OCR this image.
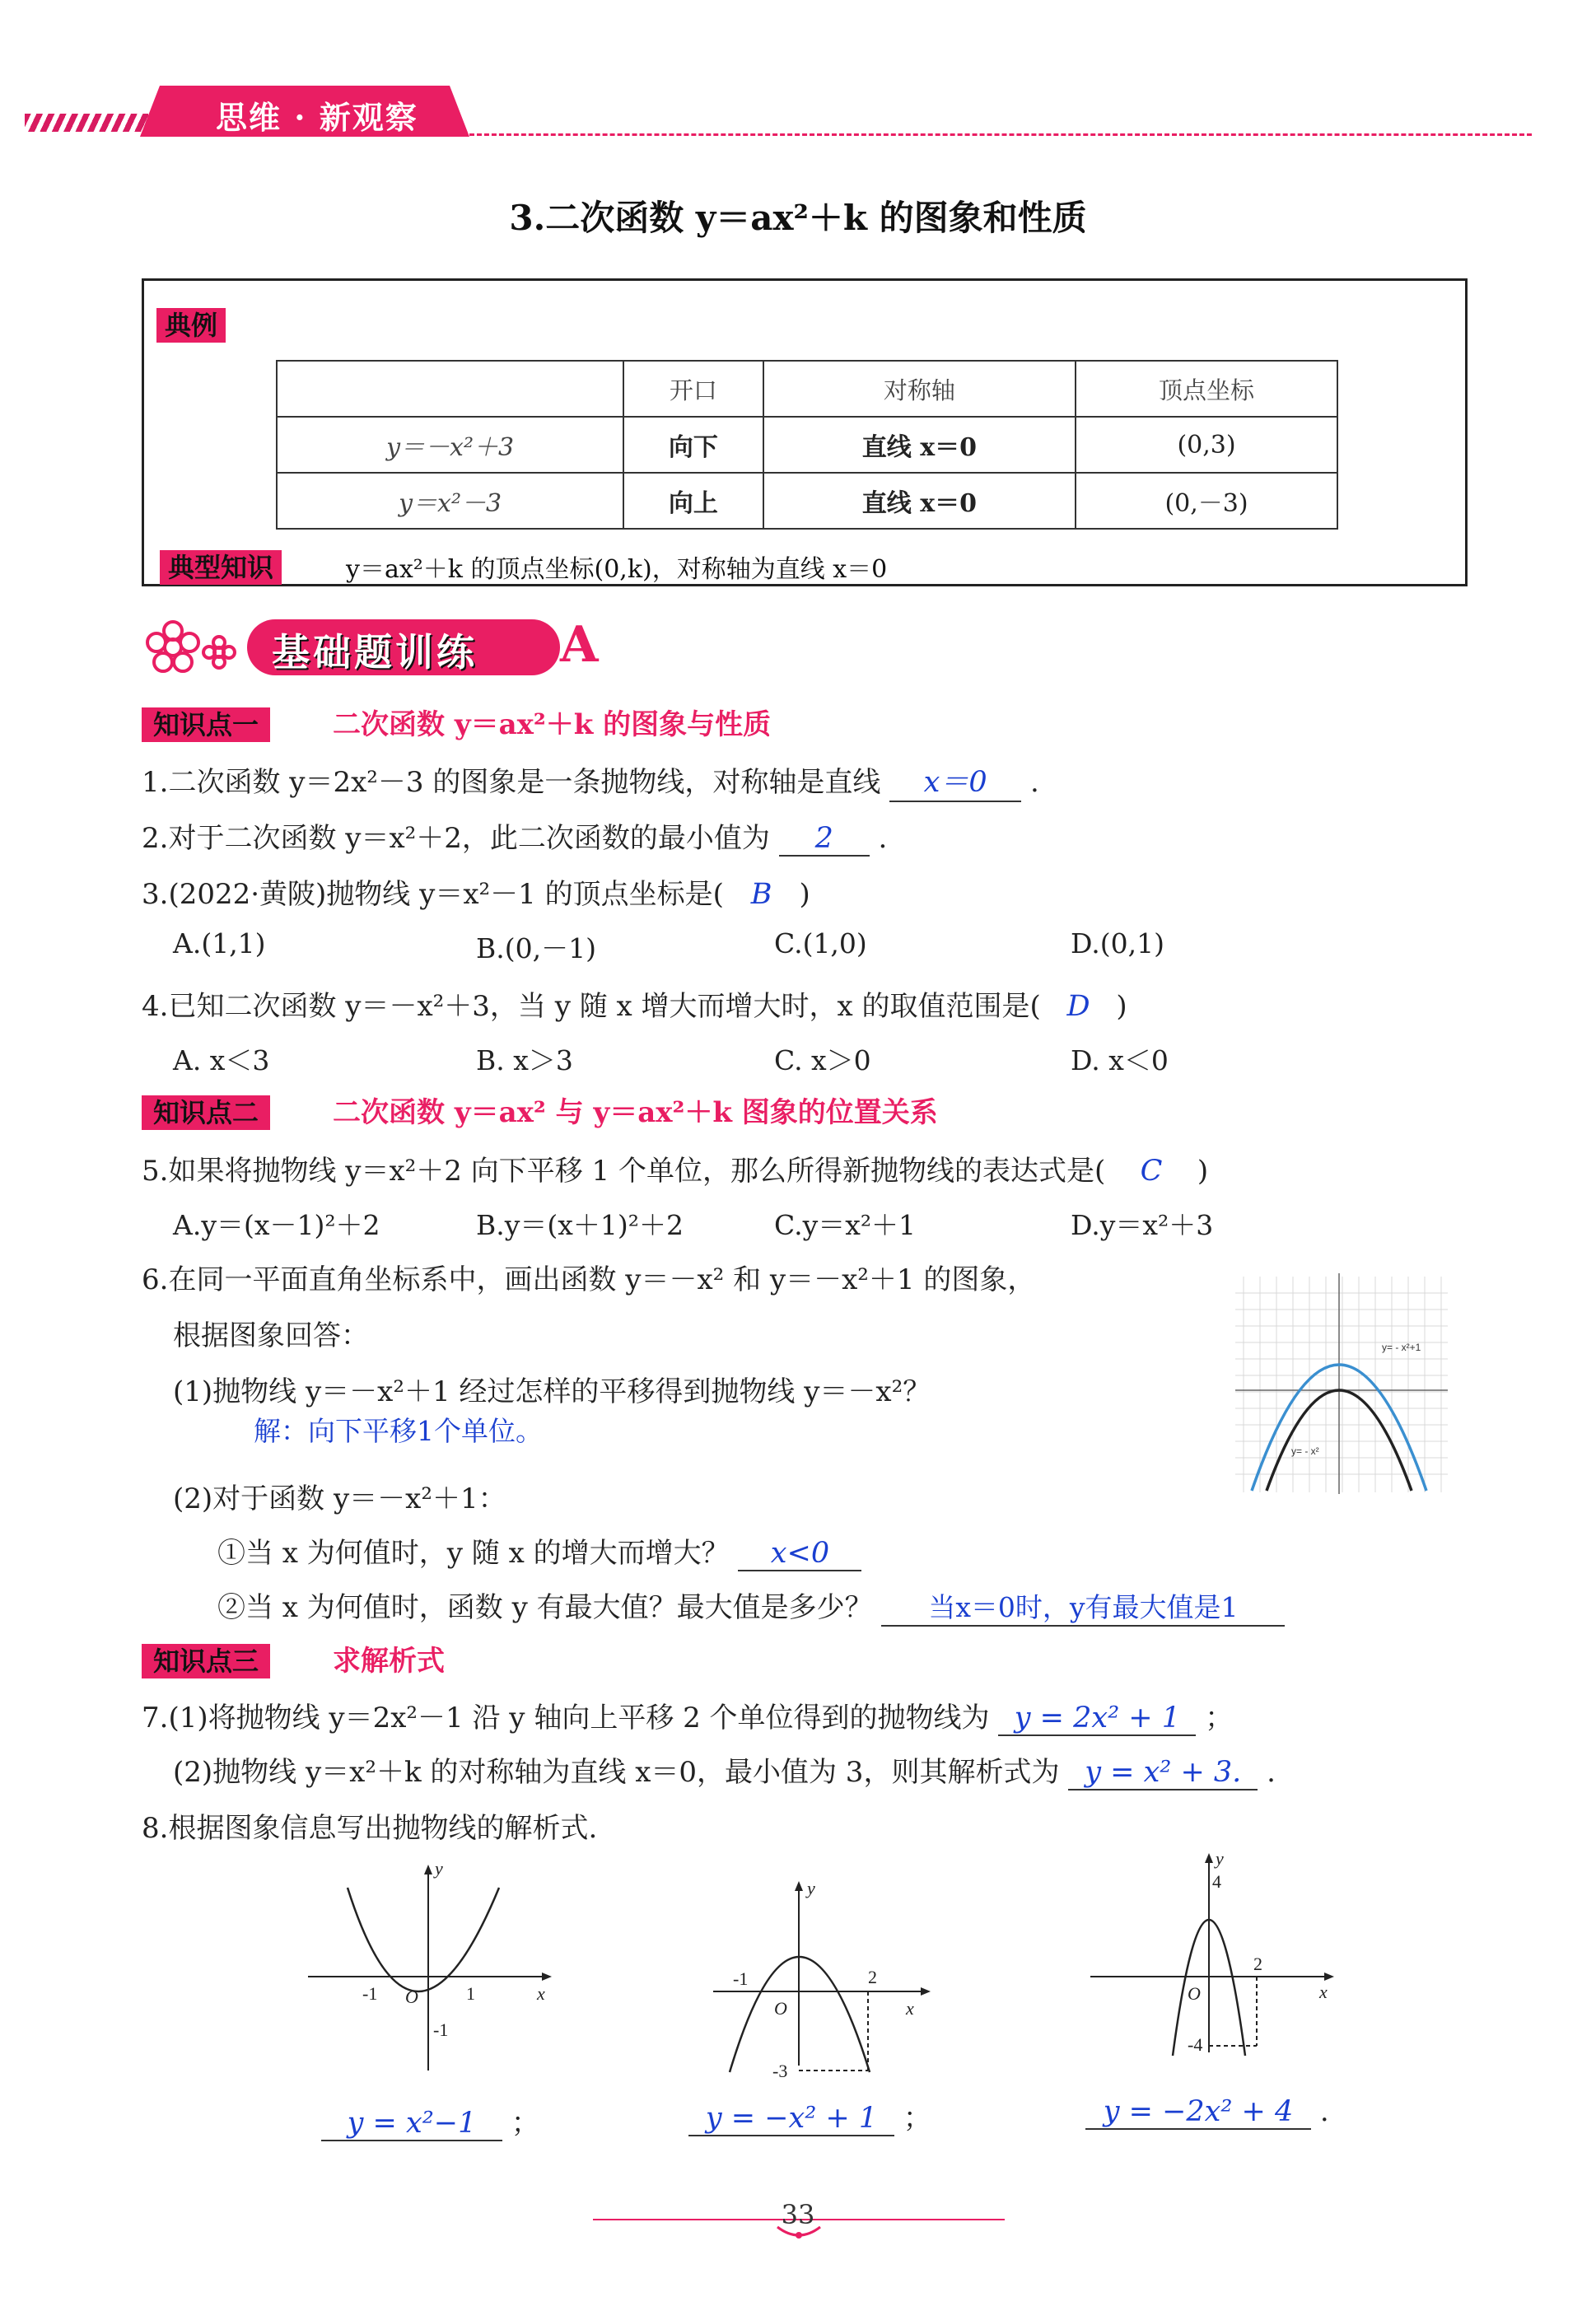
思维 · 新观察
3.二次函数 y＝ax²＋k 的图象和性质
典例
	开口	对称轴	顶点坐标
y＝－x²＋3	向下	直线 x＝0	(0,3)
y＝x²－3	向上	直线 x＝0	(0,－3)
典型知识	y＝ax²＋k 的顶点坐标(0,k)，对称轴为直线 x＝0
基础题训练 A
知识点一	二次函数 y＝ax²＋k 的图象与性质
1.二次函数 y＝2x²－3 的图象是一条抛物线，对称轴是直线 x＝0 .
2.对于二次函数 y＝x²＋2，此二次函数的最小值为 2 .
3.(2022·黄陂)抛物线 y＝x²－1 的顶点坐标是( B )
A.(1,1)	B.(0,－1)	C.(1,0)	D.(0,1)
4.已知二次函数 y＝－x²＋3，当 y 随 x 增大而增大时，x 的取值范围是( D )
A. x＜3	B. x＞3	C. x＞0	D. x＜0
知识点二	二次函数 y＝ax² 与 y＝ax²＋k 图象的位置关系
5.如果将抛物线 y＝x²＋2 向下平移 1 个单位，那么所得新抛物线的表达式是( C )
A.y＝(x－1)²＋2	B.y＝(x＋1)²＋2	C.y＝x²＋1	D.y＝x²＋3
6.在同一平面直角坐标系中，画出函数 y＝－x² 和 y＝－x²＋1 的图象，
根据图象回答：
(1)抛物线 y＝－x²＋1 经过怎样的平移得到抛物线 y＝－x²？
解：向下平移1个单位。
(2)对于函数 y＝－x²＋1：
①当 x 为何值时，y 随 x 的增大而增大？ x<0
②当 x 为何值时，函数 y 有最大值？最大值是多少？ 当x＝0时，y有最大值是1
y= - x²+1
y= - x²
知识点三	求解析式
7.(1)将抛物线 y＝2x²－1 沿 y 轴向上平移 2 个单位得到的抛物线为 y = 2x² + 1 ；
(2)抛物线 y＝x²＋k 的对称轴为直线 x＝0，最小值为 3，则其解析式为 y = x² + 3. .
8.根据图象信息写出抛物线的解析式.
y
x
-1 O	1
-1
y = x²−1 ；
y
x
-1
O
2
-3
y = −x² + 1 ；
y
x
4
O
2
-4
y = −2x² + 4 .
33
